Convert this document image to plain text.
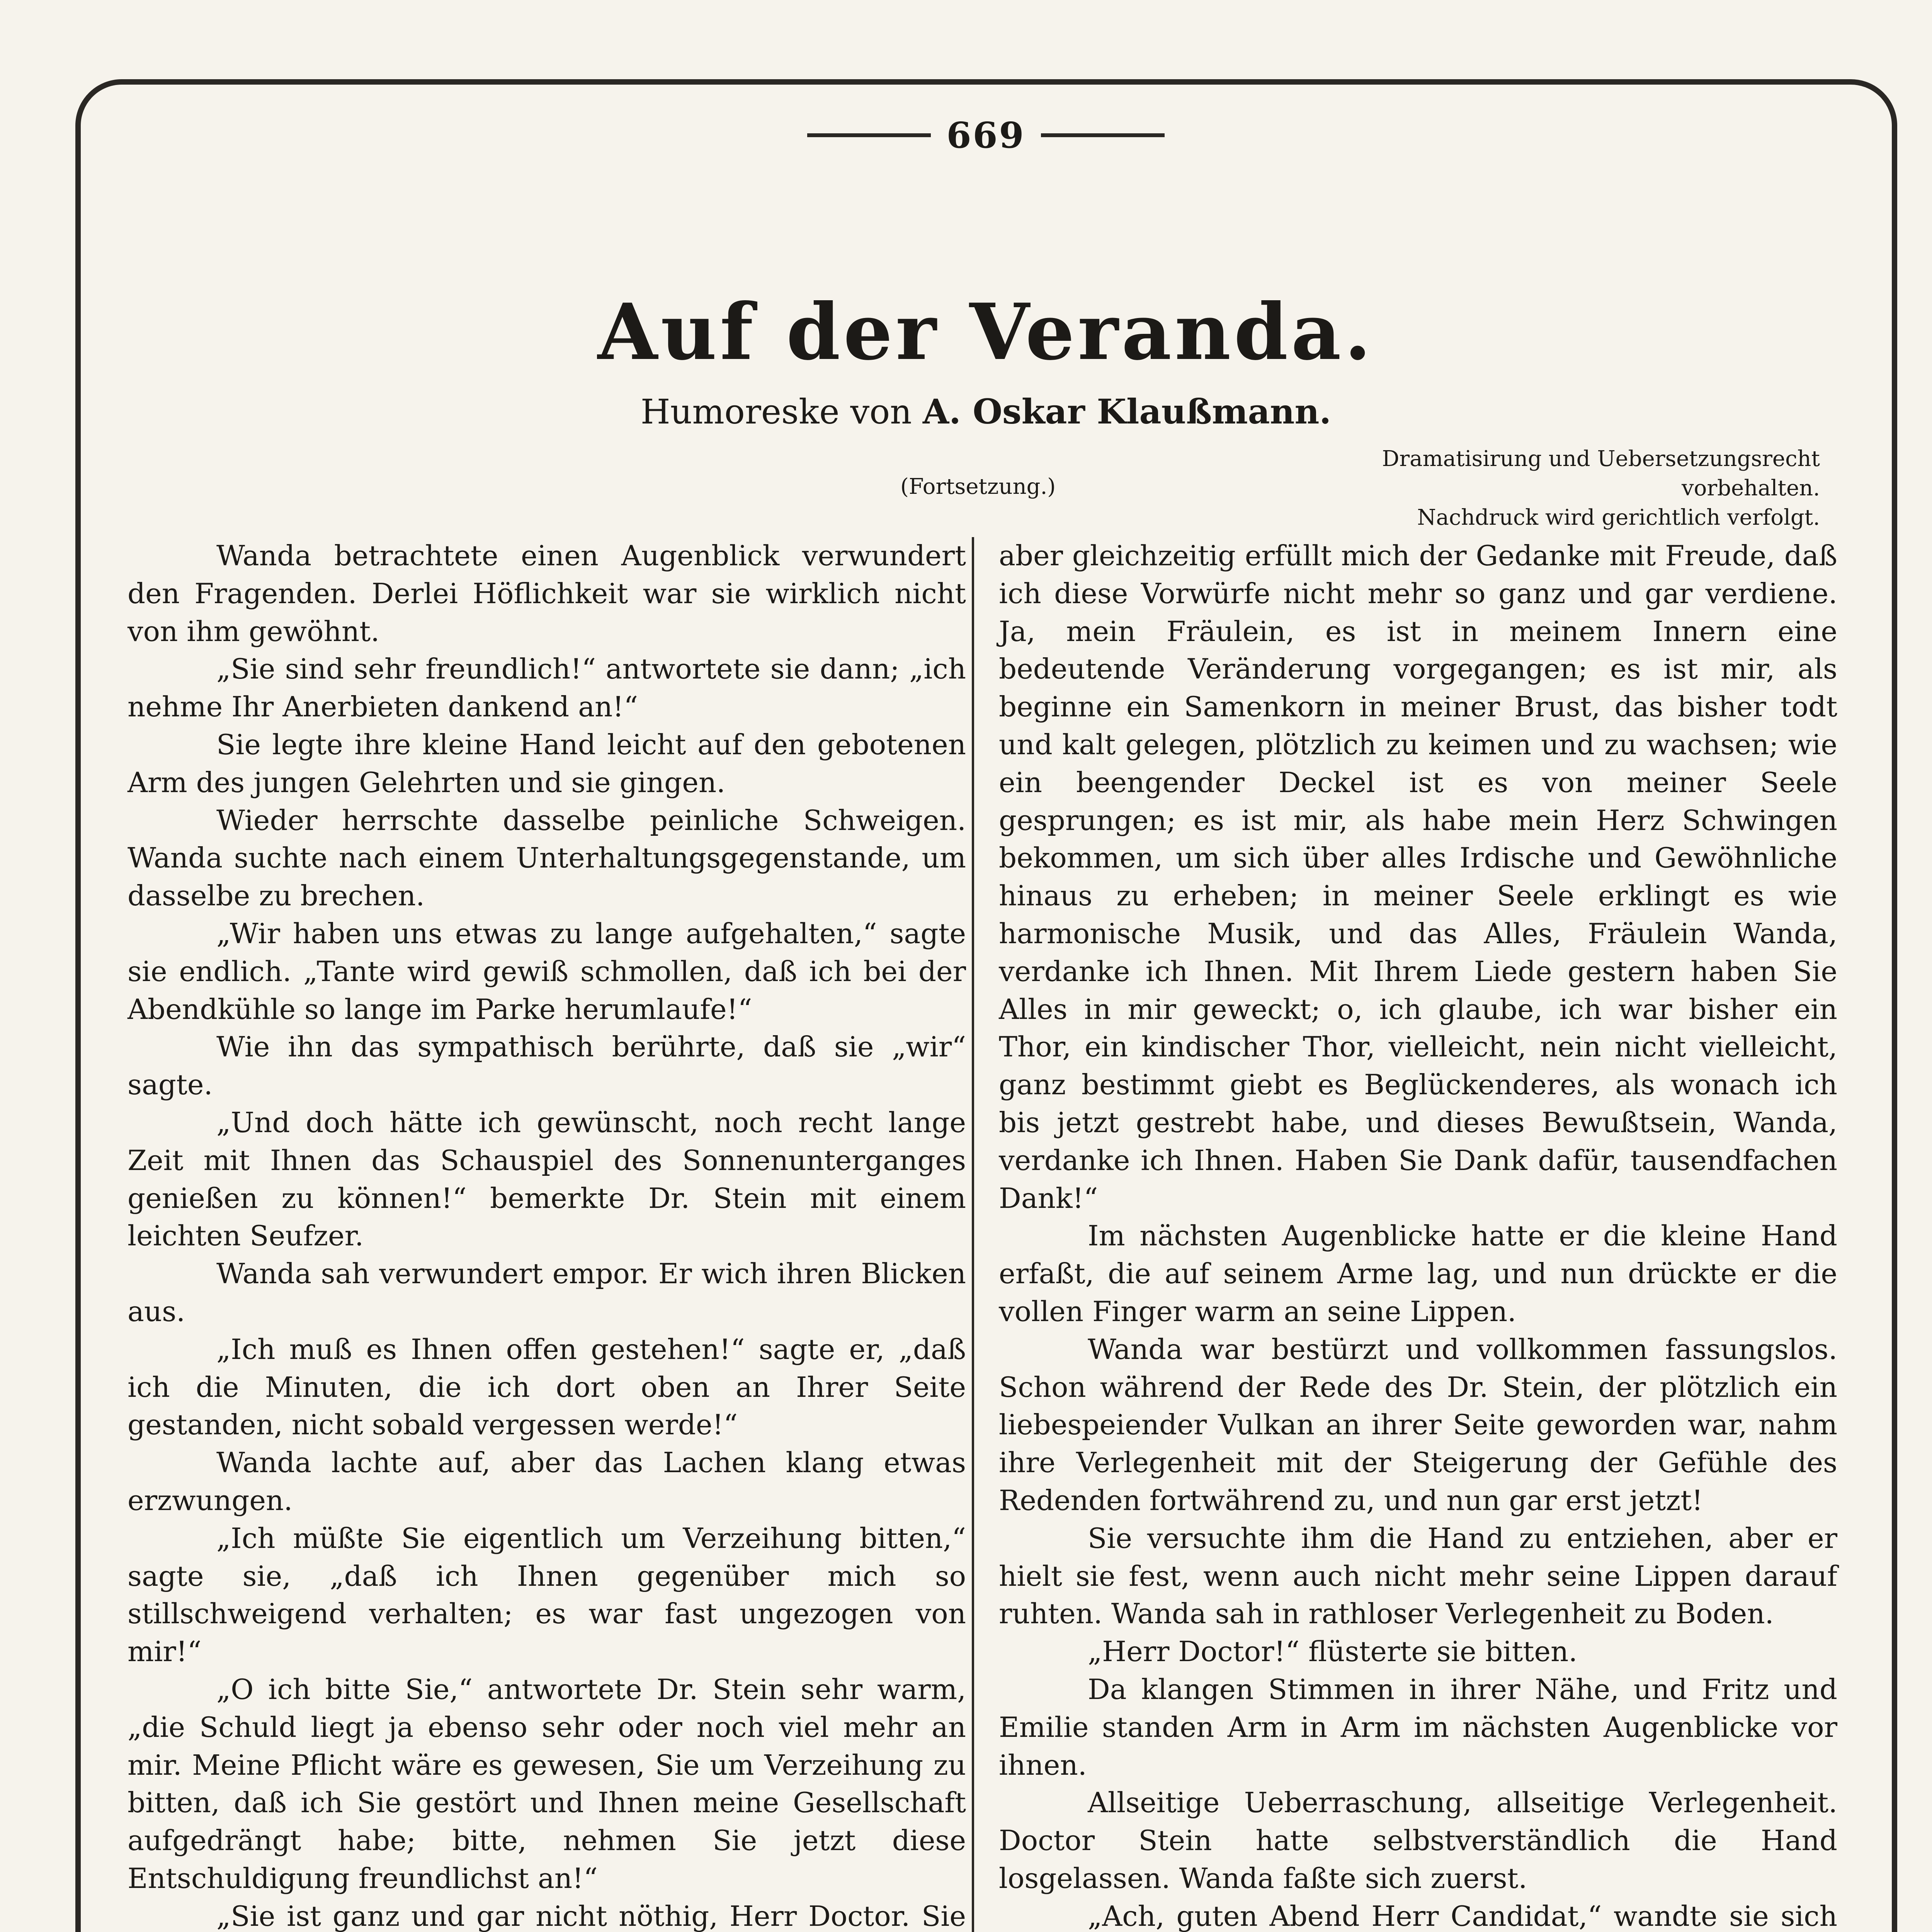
669
Auf der Veranda.
Humoreske von A. Oskar Klaußmann.
Dramatisirung und Uebersetzungsrecht vorbehalten.
Nachdruck wird gerichtlich verfolgt.
(Fortsetzung.)

Wanda betrachtete einen Augenblick verwundert den Fragenden. Derlei Höflichkeit war sie wirklich nicht von ihm gewöhnt.

„Sie sind sehr freundlich!“ antwortete sie dann; „ich nehme Ihr Anerbieten dankend an!“

Sie legte ihre kleine Hand leicht auf den gebotenen Arm des jungen Gelehrten und sie gingen.

Wieder herrschte dasselbe peinliche Schweigen. Wanda suchte nach einem Unterhaltungsgegenstande, um dasselbe zu brechen.

„Wir haben uns etwas zu lange aufgehalten,“ sagte sie endlich. „Tante wird gewiß schmollen, daß ich bei der Abendkühle so lange im Parke herumlaufe!“

Wie ihn das sympathisch berührte, daß sie „wir“ sagte.

„Und doch hätte ich gewünscht, noch recht lange Zeit mit Ihnen das Schauspiel des Sonnenunterganges genießen zu können!“ bemerkte Dr. Stein mit einem leichten Seufzer.

Wanda sah verwundert empor. Er wich ihren Blicken aus.

„Ich muß es Ihnen offen gestehen!“ sagte er, „daß ich die Minuten, die ich dort oben an Ihrer Seite gestanden, nicht sobald vergessen werde!“

Wanda lachte auf, aber das Lachen klang etwas erzwungen.

„Ich müßte Sie eigentlich um Verzeihung bitten,“ sagte sie, „daß ich Ihnen gegenüber mich so stillschweigend verhalten; es war fast ungezogen von mir!“

„O ich bitte Sie,“ antwortete Dr. Stein sehr warm, „die Schuld liegt ja ebenso sehr oder noch viel mehr an mir. Meine Pflicht wäre es gewesen, Sie um Verzeihung zu bitten, daß ich Sie gestört und Ihnen meine Gesellschaft aufgedrängt habe; bitte, nehmen Sie jetzt diese Entschuldigung freundlichst an!“

„Sie ist ganz und gar nicht nöthig, Herr Doctor. Sie

aber gleichzeitig erfüllt mich der Gedanke mit Freude, daß ich diese Vorwürfe nicht mehr so ganz und gar verdiene. Ja, mein Fräulein, es ist in meinem Innern eine bedeutende Veränderung vorgegangen; es ist mir, als beginne ein Samenkorn in meiner Brust, das bisher todt und kalt gelegen, plötzlich zu keimen und zu wachsen; wie ein beengender Deckel ist es von meiner Seele gesprungen; es ist mir, als habe mein Herz Schwingen bekommen, um sich über alles Irdische und Gewöhnliche hinaus zu erheben; in meiner Seele erklingt es wie harmonische Musik, und das Alles, Fräulein Wanda, verdanke ich Ihnen. Mit Ihrem Liede gestern haben Sie Alles in mir geweckt; o, ich glaube, ich war bisher ein Thor, ein kindischer Thor, vielleicht, nein nicht vielleicht, ganz bestimmt giebt es Beglückenderes, als wonach ich bis jetzt gestrebt habe, und dieses Bewußtsein, Wanda, verdanke ich Ihnen. Haben Sie Dank dafür, tausendfachen Dank!“

Im nächsten Augenblicke hatte er die kleine Hand erfaßt, die auf seinem Arme lag, und nun drückte er die vollen Finger warm an seine Lippen.

Wanda war bestürzt und vollkommen fassungslos. Schon während der Rede des Dr. Stein, der plötzlich ein liebespeiender Vulkan an ihrer Seite geworden war, nahm ihre Verlegenheit mit der Steigerung der Gefühle des Redenden fortwährend zu, und nun gar erst jetzt!

Sie versuchte ihm die Hand zu entziehen, aber er hielt sie fest, wenn auch nicht mehr seine Lippen darauf ruhten. Wanda sah in rathloser Verlegenheit zu Boden.

„Herr Doctor!“ flüsterte sie bitten.

Da klangen Stimmen in ihrer Nähe, und Fritz und Emilie standen Arm in Arm im nächsten Augenblicke vor ihnen.

Allseitige Ueberraschung, allseitige Verlegenheit. Doctor Stein hatte selbstverständlich die Hand losgelassen. Wanda faßte sich zuerst.

„Ach, guten Abend Herr Candidat,“ wandte sie sich
